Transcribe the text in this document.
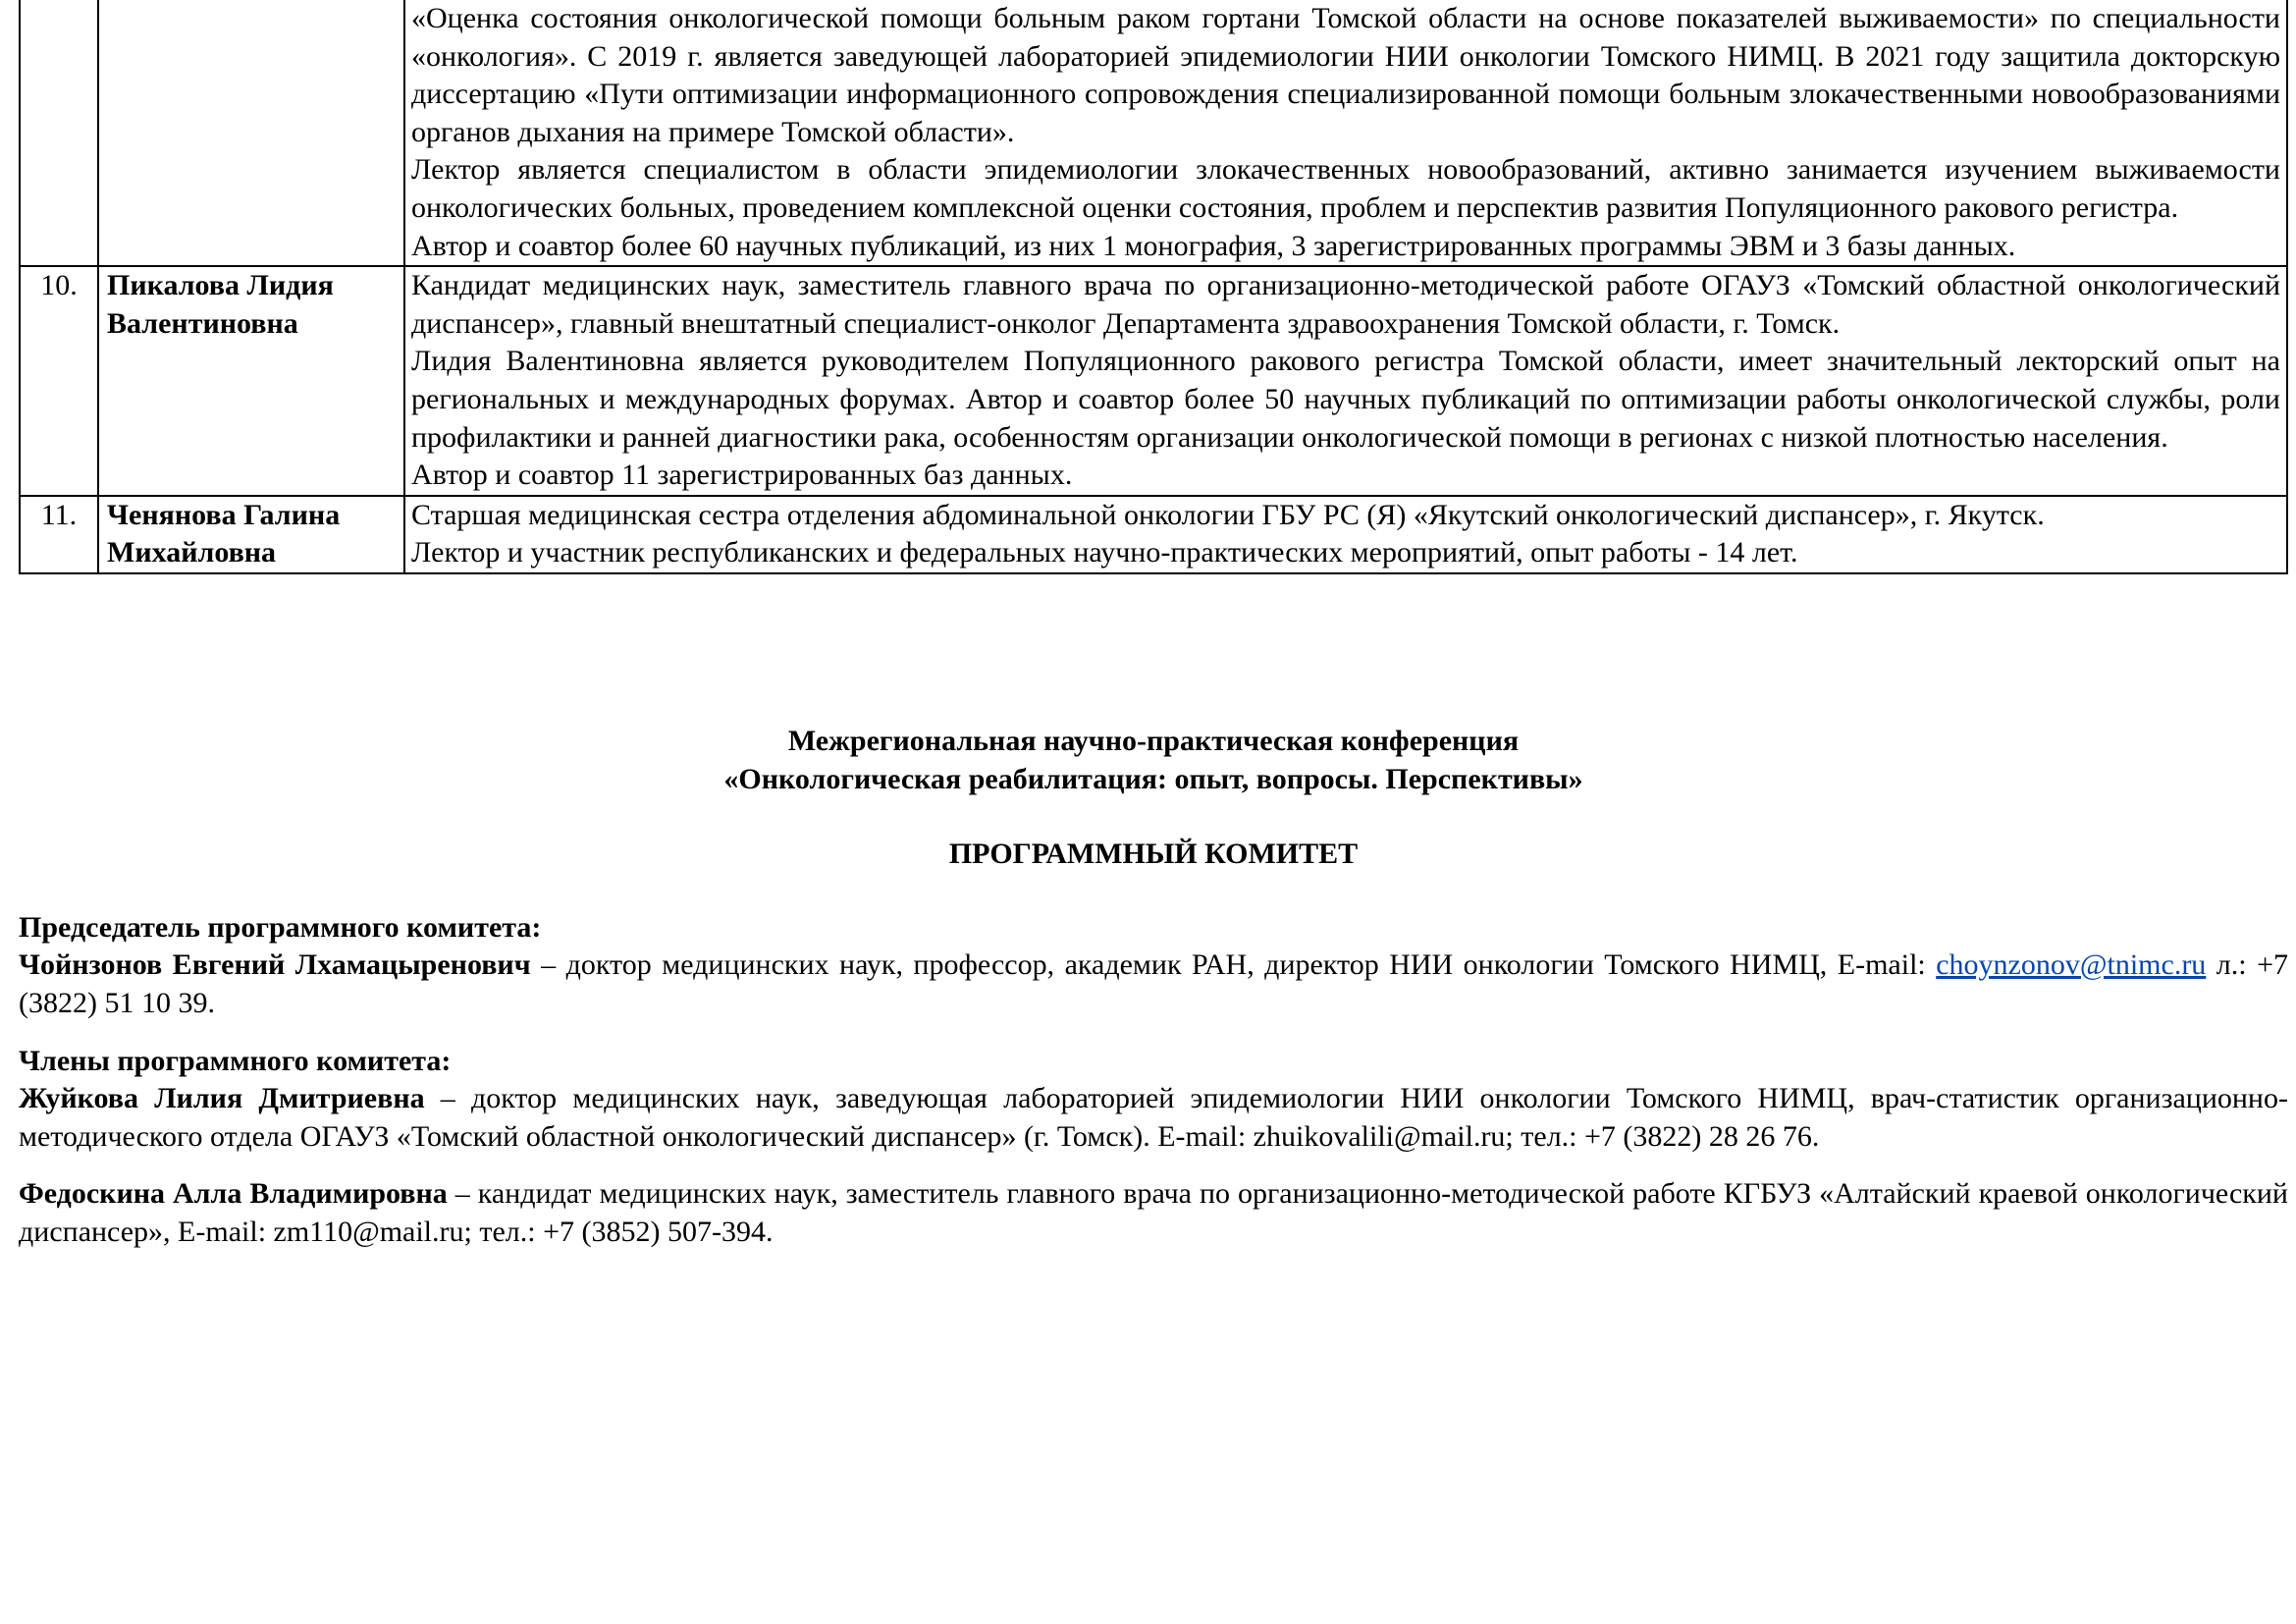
		«Оценка состояния онкологической помощи больным раком гортани Томской области на основе показателей выживаемости» по специальности «онкология». С 2019 г. является заведующей лабораторией эпидемиологии НИИ онкологии Томского НИМЦ. В 2021 году защитила докторскую диссертацию «Пути оптимизации информационного сопровождения специализированной помощи больным злокачественными новообразованиями органов дыхания на примере Томской области».

Лектор является специалистом в области эпидемиологии злокачественных новообразований, активно занимается изучением выживаемости онкологических больных, проведением комплексной оценки состояния, проблем и перспектив развития Популяционного ракового регистра.

Автор и соавтор более 60 научных публикаций, из них 1 монография, 3 зарегистрированных программы ЭВМ и 3 базы данных.

10.	Пикалова Лидия Валентиновна	Кандидат медицинских наук, заместитель главного врача по организационно-методической работе ОГАУЗ «Томский областной онкологический диспансер», главный внештатный специалист-онколог Департамента здравоохранения Томской области, г. Томск.

Лидия Валентиновна является руководителем Популяционного ракового регистра Томской области, имеет значительный лекторский опыт на региональных и международных форумах. Автор и соавтор более 50 научных публикаций по оптимизации работы онкологической службы, роли профилактики и ранней диагностики рака, особенностям организации онкологической помощи в регионах с низкой плотностью населения.

Автор и соавтор 11 зарегистрированных баз данных.

11.	Ченянова Галина Михайловна	Старшая медицинская сестра отделения абдоминальной онкологии ГБУ РС (Я) «Якутский онкологический диспансер», г. Якутск.

Лектор и участник республиканских и федеральных научно-практических мероприятий, опыт работы - 14 лет.

Межрегиональная научно-практическая конференция

«Онкологическая реабилитация: опыт, вопросы. Перспективы»

ПРОГРАММНЫЙ КОМИТЕТ

Председатель программного комитета:

Чойнзонов Евгений Лхамацыренович – доктор медицинских наук, профессор, академик РАН, директор НИИ онкологии Томского НИМЦ, E-mail: choynzonov@tnimc.ru л.: +7 (3822) 51 10 39.

Члены программного комитета:

Жуйкова Лилия Дмитриевна – доктор медицинских наук, заведующая лабораторией эпидемиологии НИИ онкологии Томского НИМЦ, врач-статистик организационно-методического отдела ОГАУЗ «Томский областной онкологический диспансер» (г. Томск). E-mail: zhuikovalili@mail.ru; тел.: +7 (3822) 28 26 76.

Федоскина Алла Владимировна – кандидат медицинских наук, заместитель главного врача по организационно-методической работе КГБУЗ «Алтайский краевой онкологический диспансер», E-mail: zm110@mail.ru; тел.: +7 (3852) 507-394.
